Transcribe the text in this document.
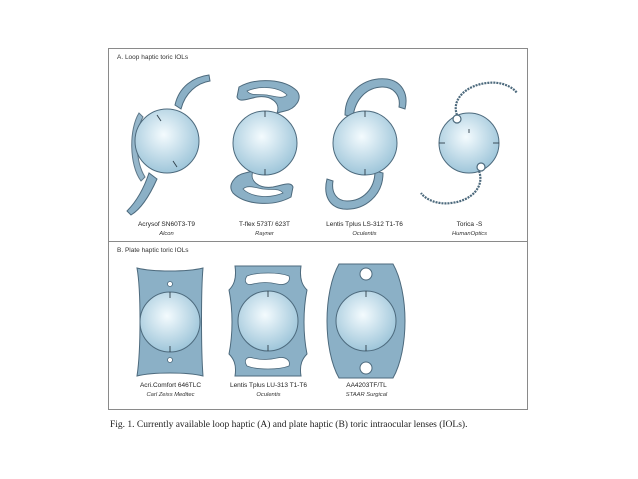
A. Loop haptic toric IOLs
Acrysof SN60T3-T9
Alcon
T-flex 573T/ 623T
Rayner
Lentis Tplus LS-312 T1-T6
Oculentis
Torica -S
HumanOptics
B. Plate haptic toric IOLs
Acri.Comfort 646TLC
Carl Zeiss Meditec
Lentis Tplus LU-313 T1-T6
Oculentis
AA4203TF/TL
STAAR Surgical
Fig. 1. Currently available loop haptic (A) and plate haptic (B) toric intraocular lenses (IOLs).
